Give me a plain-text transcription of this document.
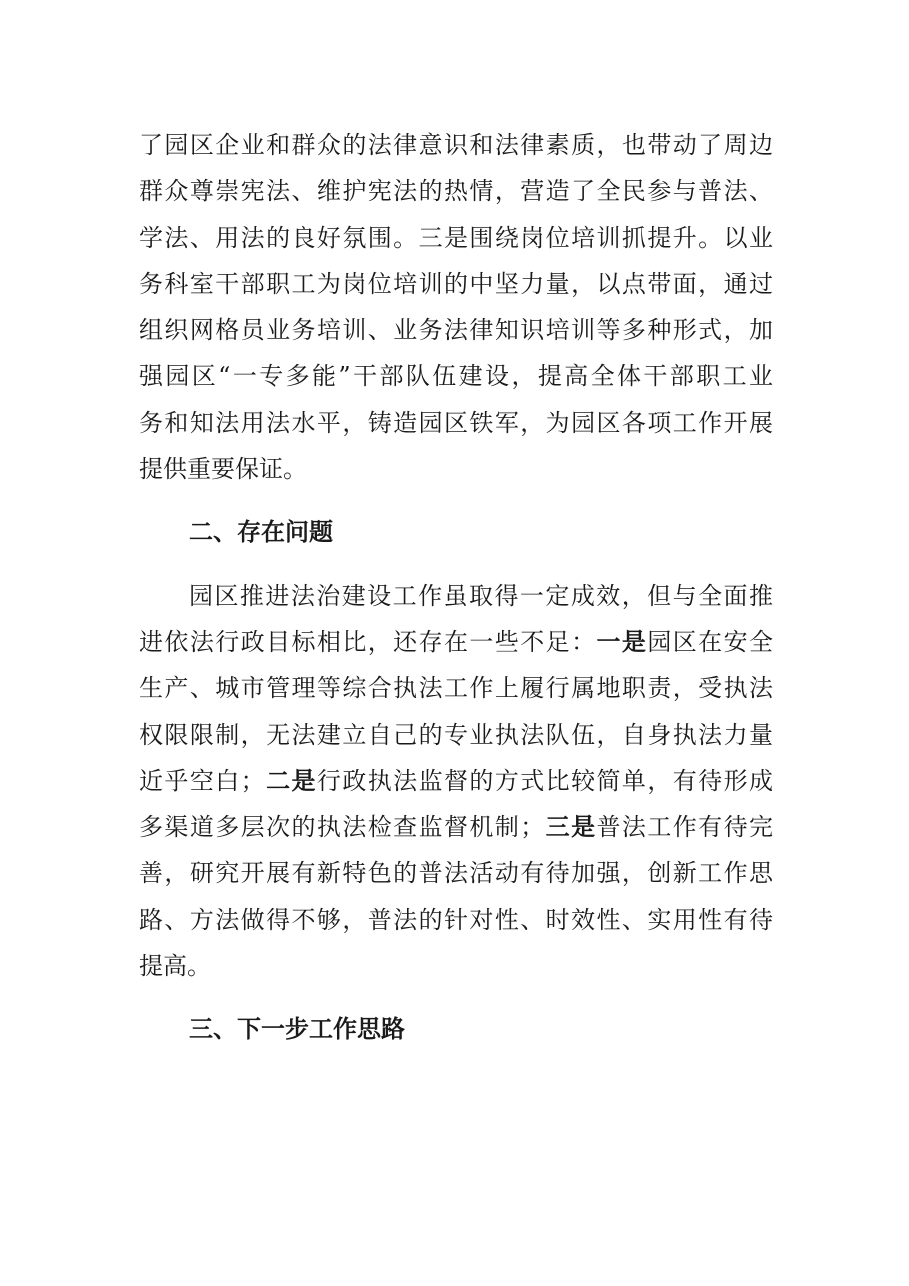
了园区企业和群众的法律意识和法律素质，也带动了周边
群众尊崇宪法、维护宪法的热情，营造了全民参与普法、
学法、用法的良好氛围。三是围绕岗位培训抓提升。以业
务科室干部职工为岗位培训的中坚力量，以点带面，通过
组织网格员业务培训、业务法律知识培训等多种形式，加
强园区“一专多能”干部队伍建设，提高全体干部职工业
务和知法用法水平，铸造园区铁军，为园区各项工作开展
提供重要保证。
二、存在问题
园区推进法治建设工作虽取得一定成效，但与全面推
进依法行政目标相比，还存在一些不足：一是园区在安全
生产、城市管理等综合执法工作上履行属地职责，受执法
权限限制，无法建立自己的专业执法队伍，自身执法力量
近乎空白；二是行政执法监督的方式比较简单，有待形成
多渠道多层次的执法检查监督机制；三是普法工作有待完
善，研究开展有新特色的普法活动有待加强，创新工作思
路、方法做得不够，普法的针对性、时效性、实用性有待
提高。
三、下一步工作思路
